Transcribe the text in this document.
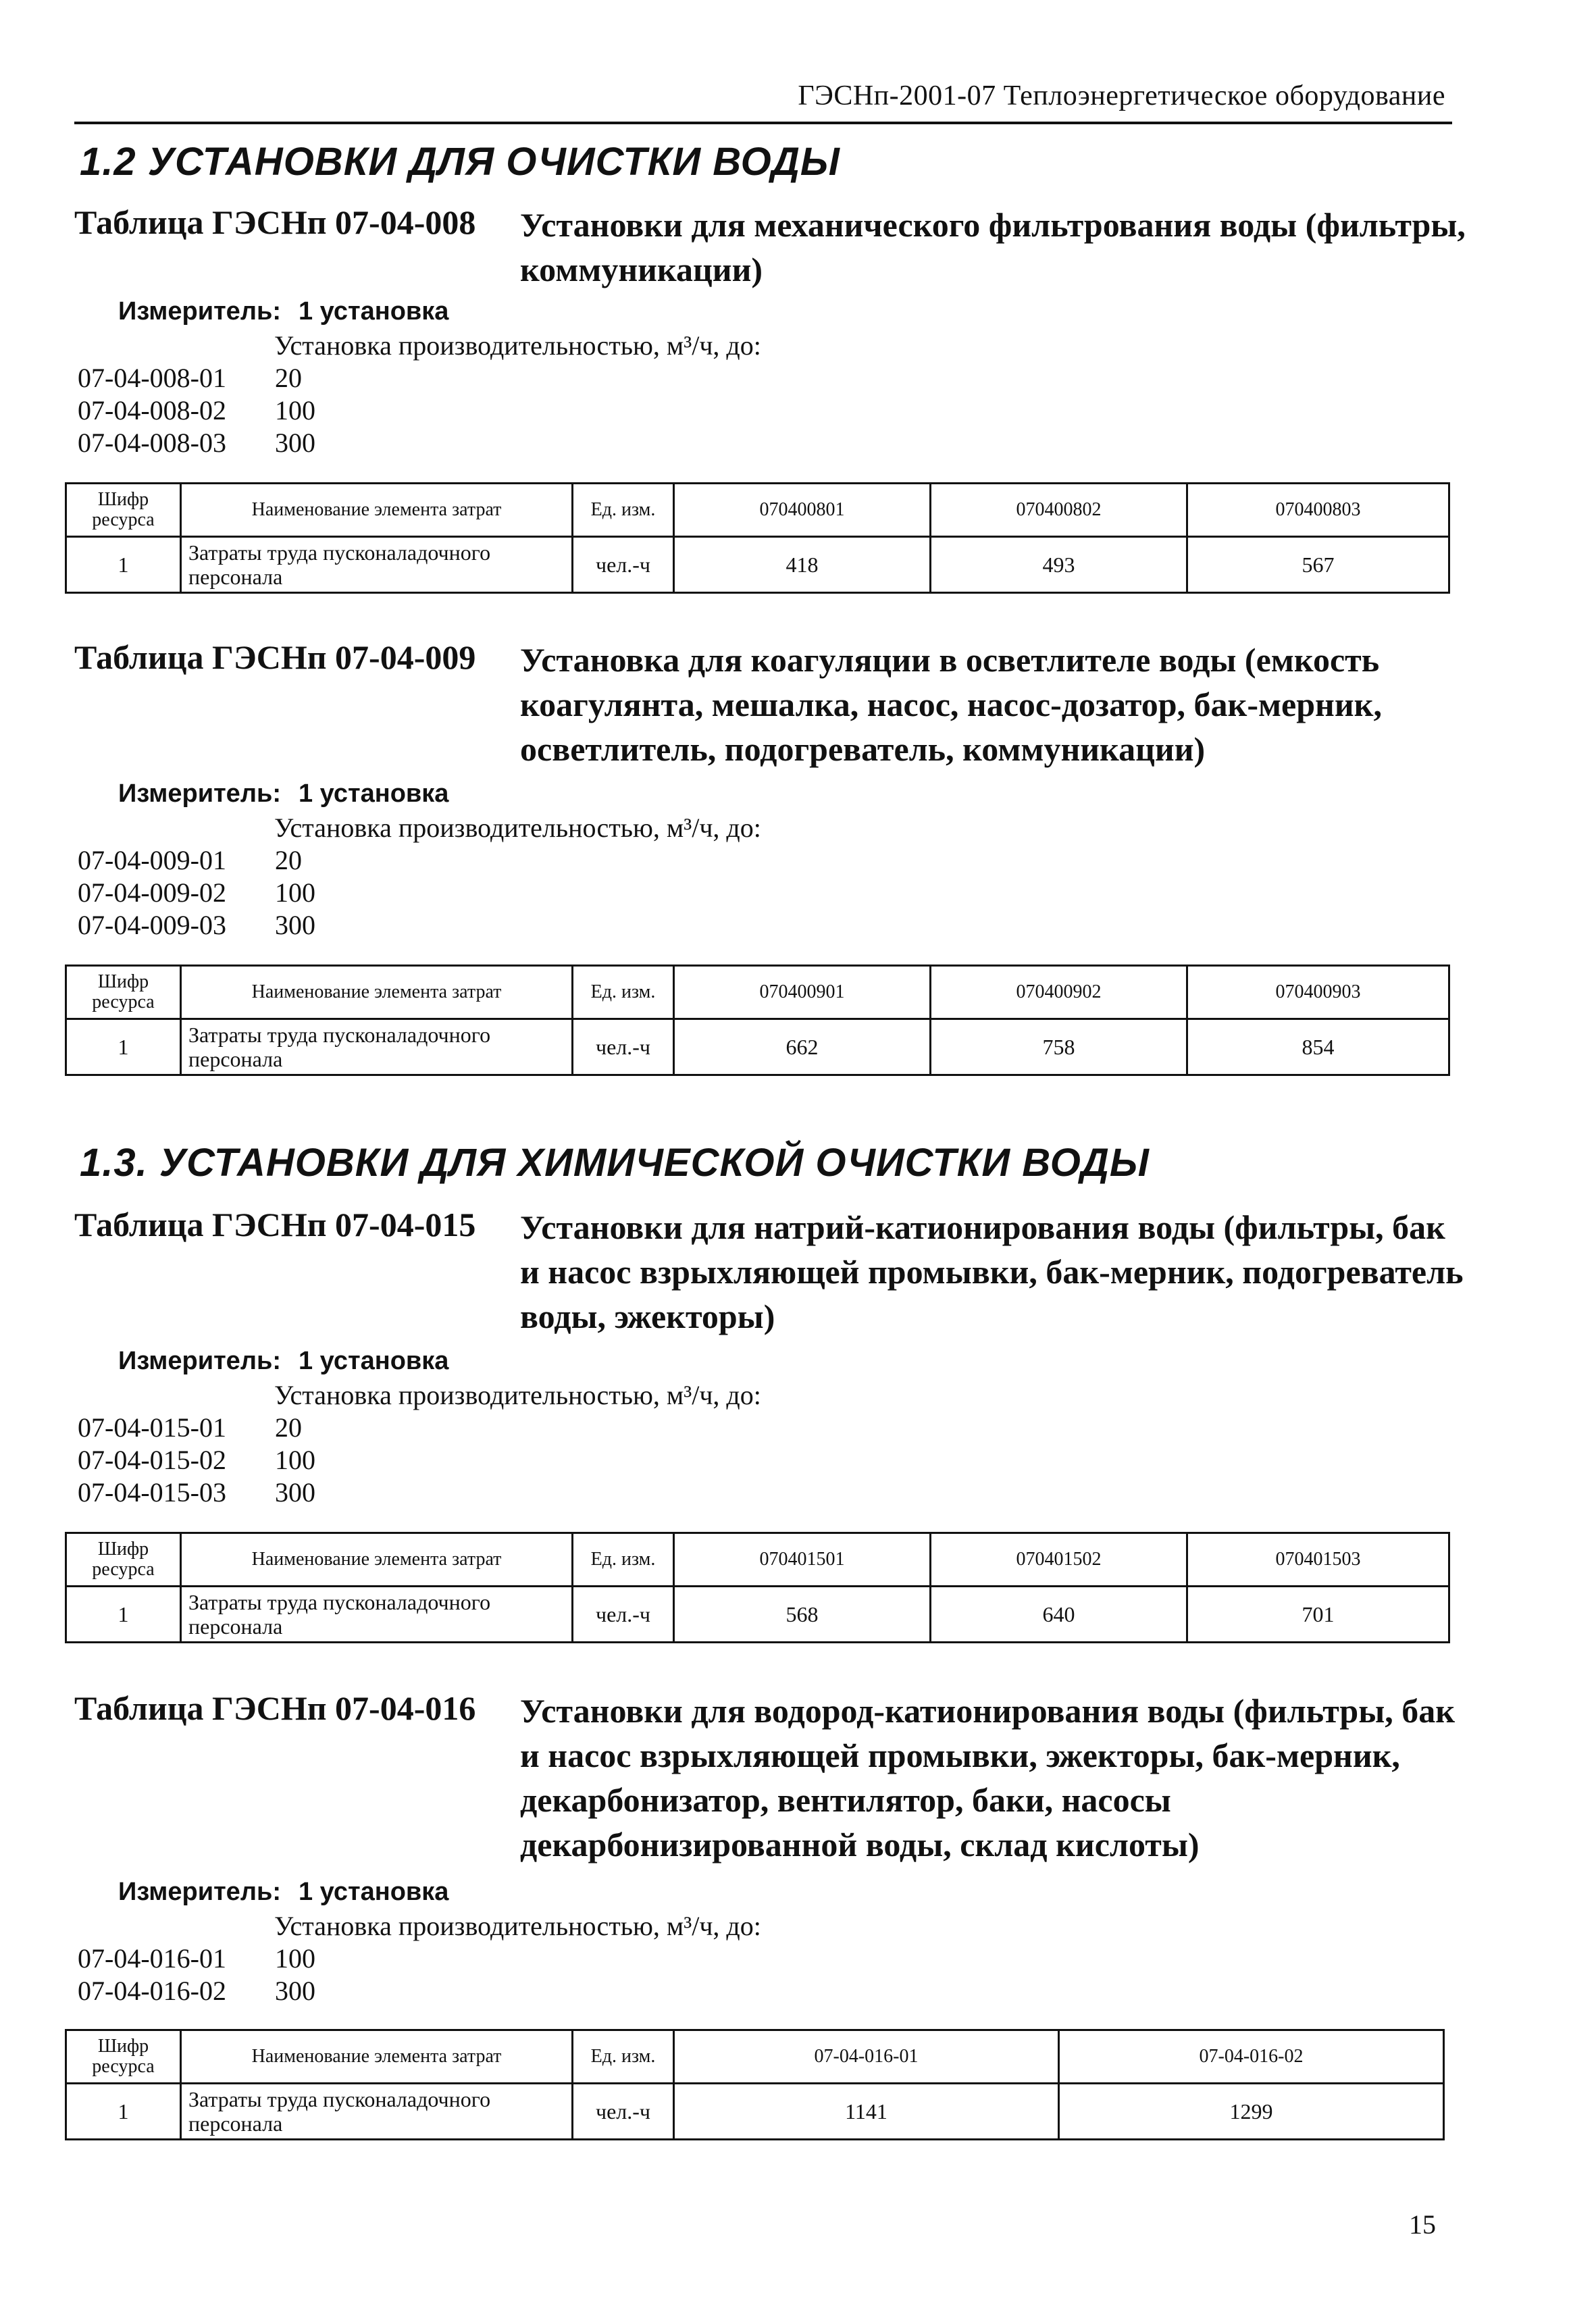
ГЭСНп-2001-07 Теплоэнергетическое оборудование
1.2 УСТАНОВКИ ДЛЯ ОЧИСТКИ ВОДЫ
Таблица ГЭСНп 07-04-008 Установки для механического фильтрования воды (фильтры, коммуникации)
Измеритель: 1 установка
Установка производительностью, м³/ч, до:
07-04-008-01 20
07-04-008-02 100
07-04-008-03 300
Шифр ресурса	Наименование элемента затрат	Ед. изм.	070400801	070400802	070400803
1	Затраты труда пусконаладочного персонала	чел.-ч	418	493	567
Таблица ГЭСНп 07-04-009 Установка для коагуляции в осветлителе воды (емкость коагулянта, мешалка, насос, насос-дозатор, бак-мерник, осветлитель, подогреватель, коммуникации)
Измеритель: 1 установка
Установка производительностью, м³/ч, до:
07-04-009-01 20
07-04-009-02 100
07-04-009-03 300
Шифр ресурса	Наименование элемента затрат	Ед. изм.	070400901	070400902	070400903
1	Затраты труда пусконаладочного персонала	чел.-ч	662	758	854
1.3. УСТАНОВКИ ДЛЯ ХИМИЧЕСКОЙ ОЧИСТКИ ВОДЫ
Таблица ГЭСНп 07-04-015 Установки для натрий-катионирования воды (фильтры, бак и насос взрыхляющей промывки, бак-мерник, подогреватель воды, эжекторы)
Измеритель: 1 установка
Установка производительностью, м³/ч, до:
07-04-015-01 20
07-04-015-02 100
07-04-015-03 300
Шифр ресурса	Наименование элемента затрат	Ед. изм.	070401501	070401502	070401503
1	Затраты труда пусконаладочного персонала	чел.-ч	568	640	701
Таблица ГЭСНп 07-04-016 Установки для водород-катионирования воды (фильтры, бак и насос взрыхляющей промывки, эжекторы, бак-мерник, декарбонизатор, вентилятор, баки, насосы декарбонизированной воды, склад кислоты)
Измеритель: 1 установка
Установка производительностью, м³/ч, до:
07-04-016-01 100
07-04-016-02 300
Шифр ресурса	Наименование элемента затрат	Ед. изм.	07-04-016-01	07-04-016-02
1	Затраты труда пусконаладочного персонала	чел.-ч	1141	1299
15
